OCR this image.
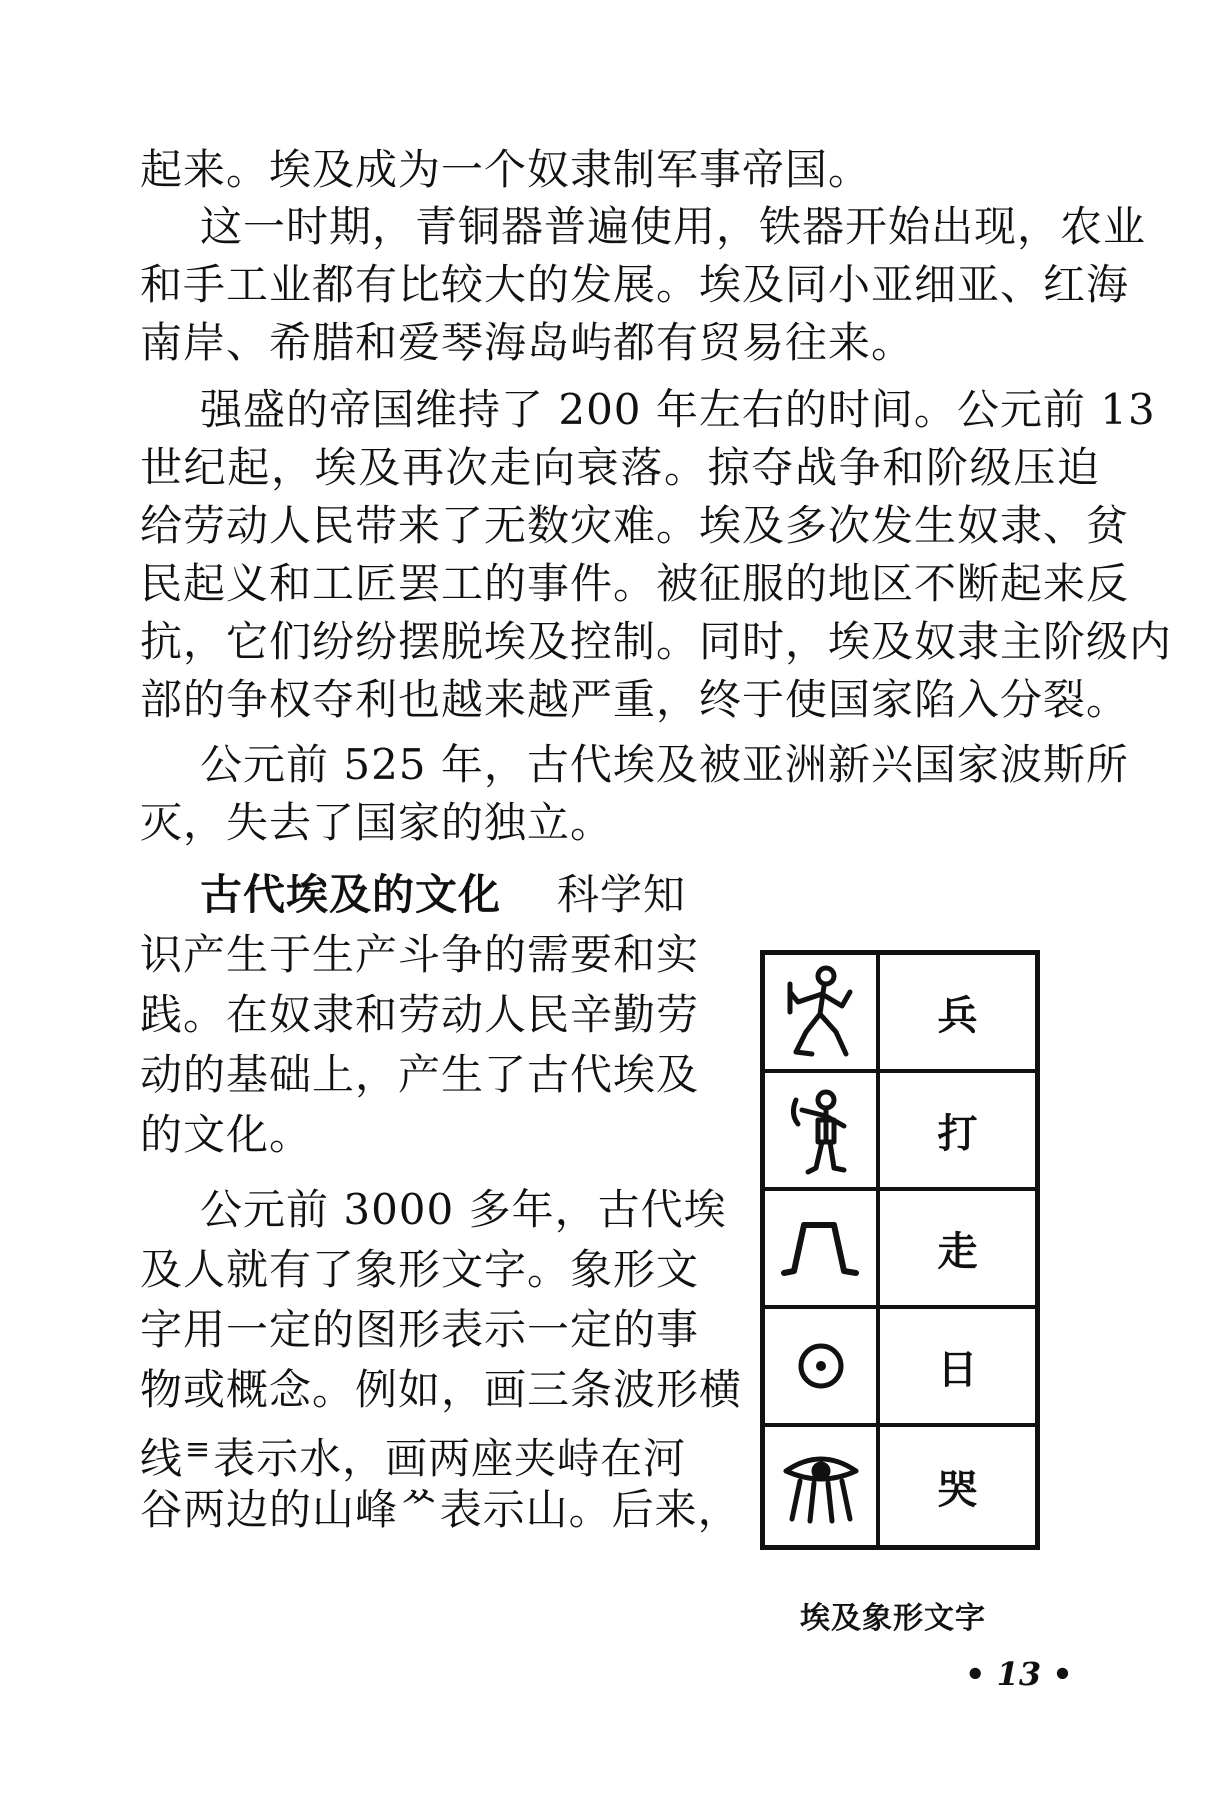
起来。埃及成为一个奴隶制军事帝国。
这一时期，青铜器普遍使用，铁器开始出现，农业
和手工业都有比较大的发展。埃及同小亚细亚、红海
南岸、希腊和爱琴海岛屿都有贸易往来。
强盛的帝国维持了 200 年左右的时间。公元前 13
世纪起，埃及再次走向衰落。掠夺战争和阶级压迫
给劳动人民带来了无数灾难。埃及多次发生奴隶、贫
民起义和工匠罢工的事件。被征服的地区不断起来反
抗，它们纷纷摆脱埃及控制。同时，埃及奴隶主阶级内
部的争权夺利也越来越严重，终于使国家陷入分裂。
公元前 525 年，古代埃及被亚洲新兴国家波斯所
灭，失去了国家的独立。
古代埃及的文化 科学知
识产生于生产斗争的需要和实
践。在奴隶和劳动人民辛勤劳
动的基础上，产生了古代埃及
的文化。
公元前 3000 多年，古代埃
及人就有了象形文字。象形文
字用一定的图形表示一定的事
物或概念。例如，画三条波形横
线≡表示水，画两座夹峙在河
谷两边的山峰ᄊ表示山。后来，
兵
打
走
日
哭
埃及象形文字
• 13 •
